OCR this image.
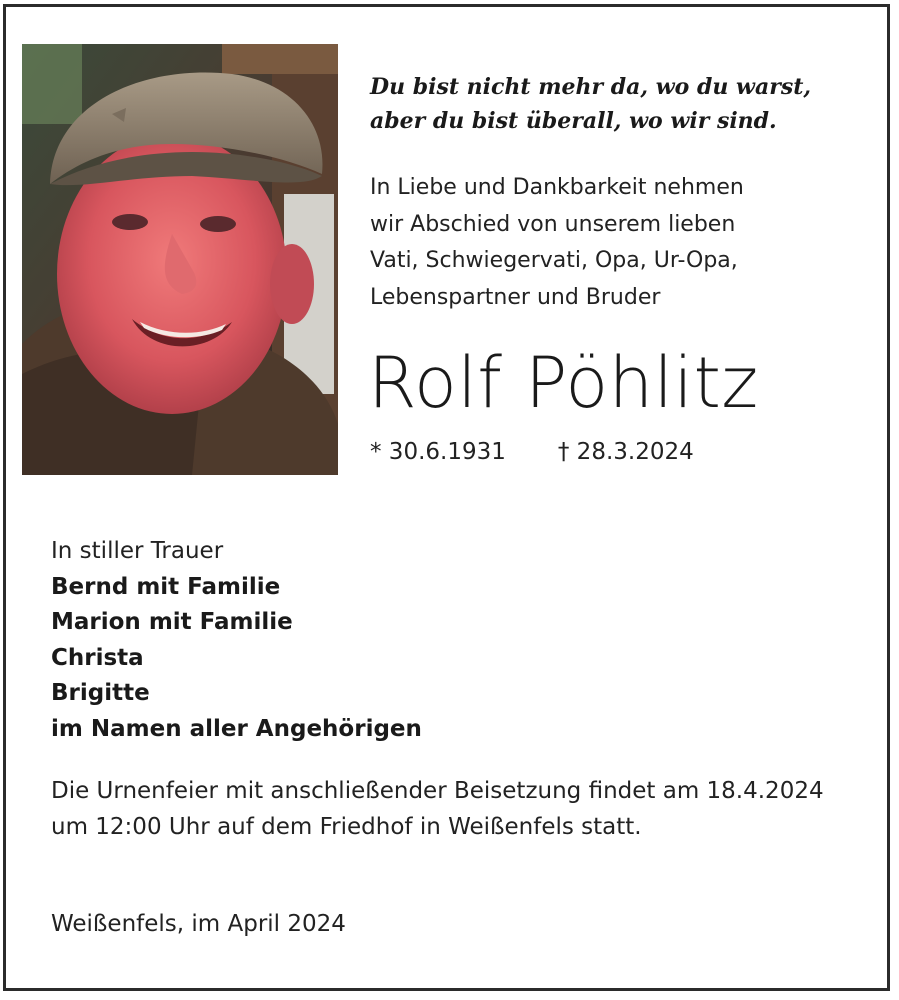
Du bist nicht mehr da, wo du warst,
aber du bist überall, wo wir sind.
In Liebe und Dankbarkeit nehmen
wir Abschied von unserem lieben
Vati, Schwiegervati, Opa, Ur-Opa,
Lebenspartner und Bruder
Rolf Pöhlitz
* 30.6.1931 † 28.3.2024
In stiller Trauer
Bernd mit Familie
Marion mit Familie
Christa
Brigitte
im Namen aller Angehörigen
Die Urnenfeier mit anschließender Beisetzung findet am 18.4.2024 um 12:00 Uhr auf dem Friedhof in Weißenfels statt.
Weißenfels, im April 2024
